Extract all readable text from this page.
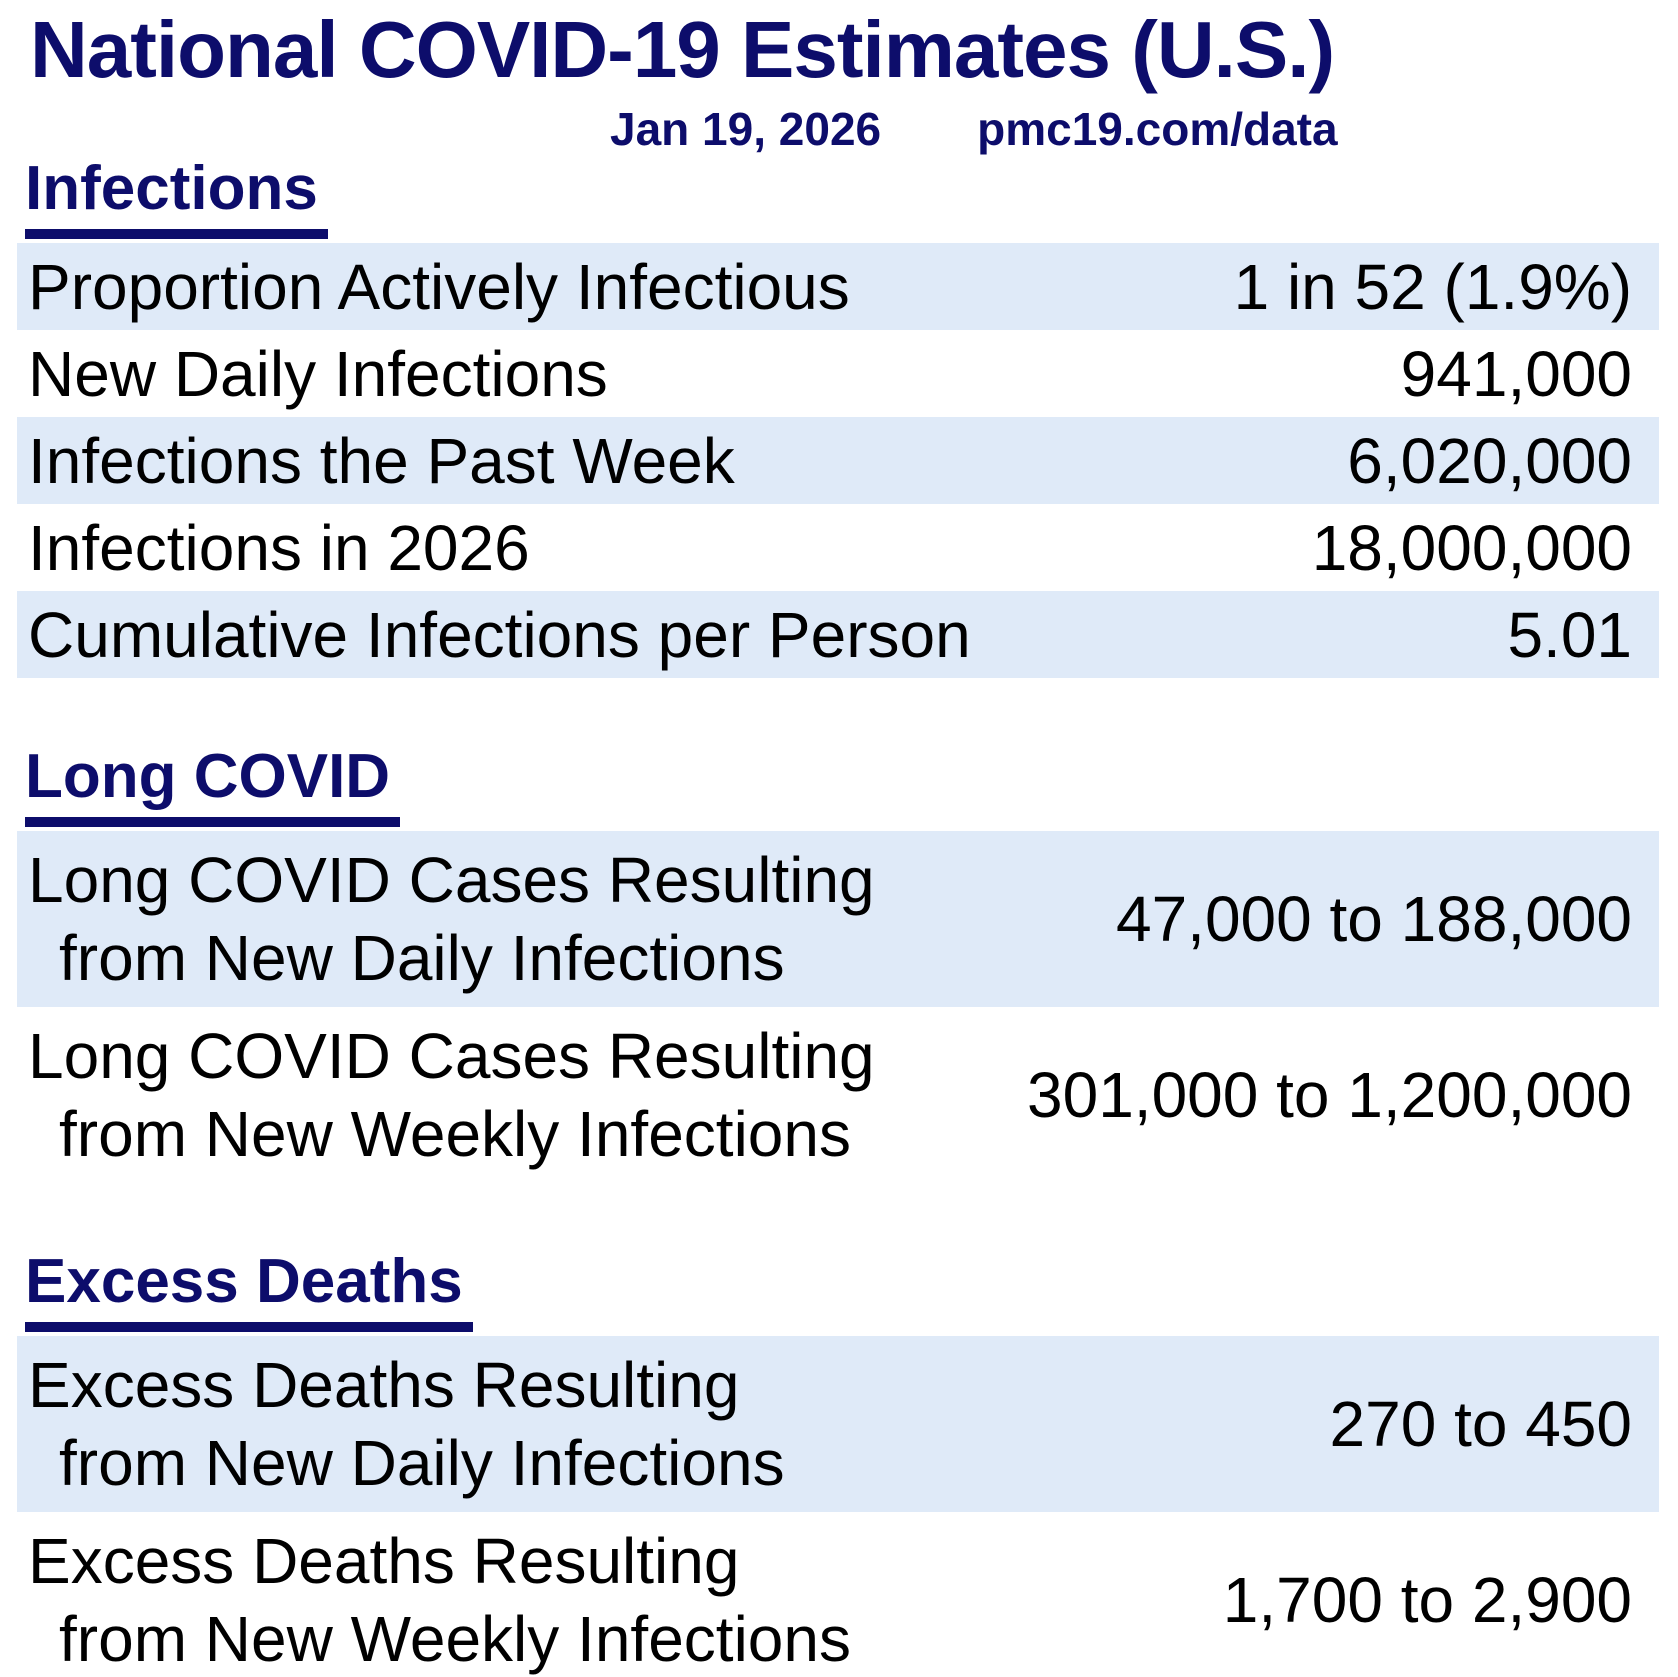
National COVID-19 Estimates (U.S.)
Jan 19, 2026 pmc19.com/data
Infections
Proportion Actively Infectious	1 in 52 (1.9%)
New Daily Infections	941,000
Infections the Past Week	6,020,000
Infections in 2026	18,000,000
Cumulative Infections per Person	5.01
Long COVID
Long COVID Cases Resulting
from New Daily Infections
47,000 to 188,000
Long COVID Cases Resulting
from New Weekly Infections
301,000 to 1,200,000
Excess Deaths
Excess Deaths Resulting
from New Daily Infections
270 to 450
Excess Deaths Resulting
from New Weekly Infections
1,700 to 2,900
